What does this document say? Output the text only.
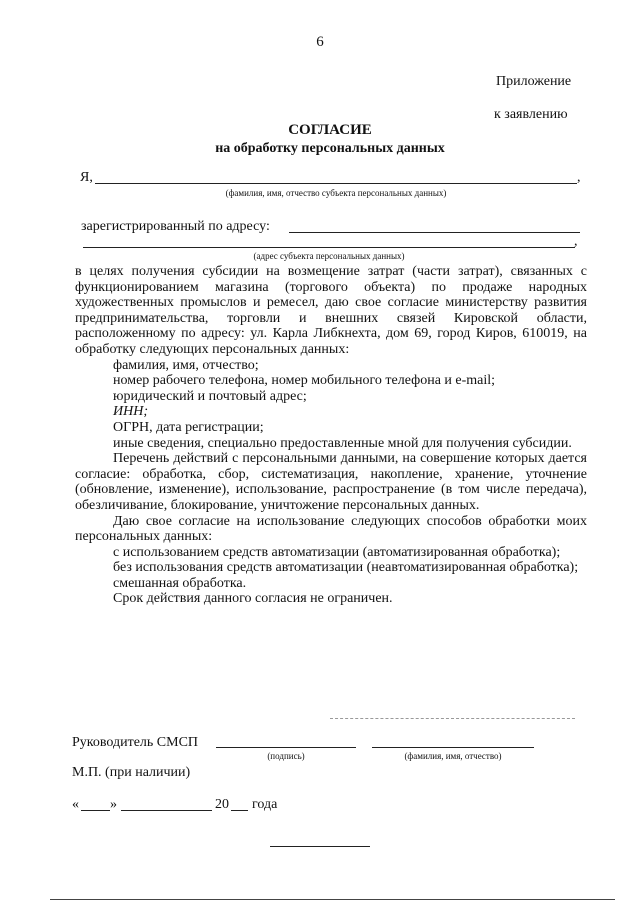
6
Приложение
к заявлению
СОГЛАСИЕ
на обработку персональных данных
Я,	,
(фамилия, имя, отчество субъекта персональных данных)
зарегистрированный по адресу:
,
(адрес субъекта персональных данных)

в целях получения субсидии на возмещение затрат (части затрат), связанных с функционированием магазина (торгового объекта) по продаже народных художественных промыслов и ремесел, даю свое согласие министерству развития предпринимательства, торговли и внешних связей Кировской области, расположенному по адресу: ул. Карла Либкнехта, дом 69, город Киров, 610019, на обработку следующих персональных данных:

фамилия, имя, отчество;

номер рабочего телефона, номер мобильного телефона и e-mail;

юридический и почтовый адрес;

ИНН;

ОГРН, дата регистрации;

иные сведения, специально предоставленные мной для получения субсидии.

Перечень действий с персональными данными, на совершение которых дается согласие: обработка, сбор, систематизация, накопление, хранение, уточнение (обновление, изменение), использование, распространение (в том числе передача), обезличивание, блокирование, уничтожение персональных данных.

Даю свое согласие на использование следующих способов обработки моих персональных данных:

с использованием средств автоматизации (автоматизированная обработка);

без использования средств автоматизации (неавтоматизированная обработка);

смешанная обработка.

Срок действия данного согласия не ограничен.

Руководитель СМСП
(подпись)	(фамилия, имя, отчество)
М.П. (при наличии)
« »	20 года
